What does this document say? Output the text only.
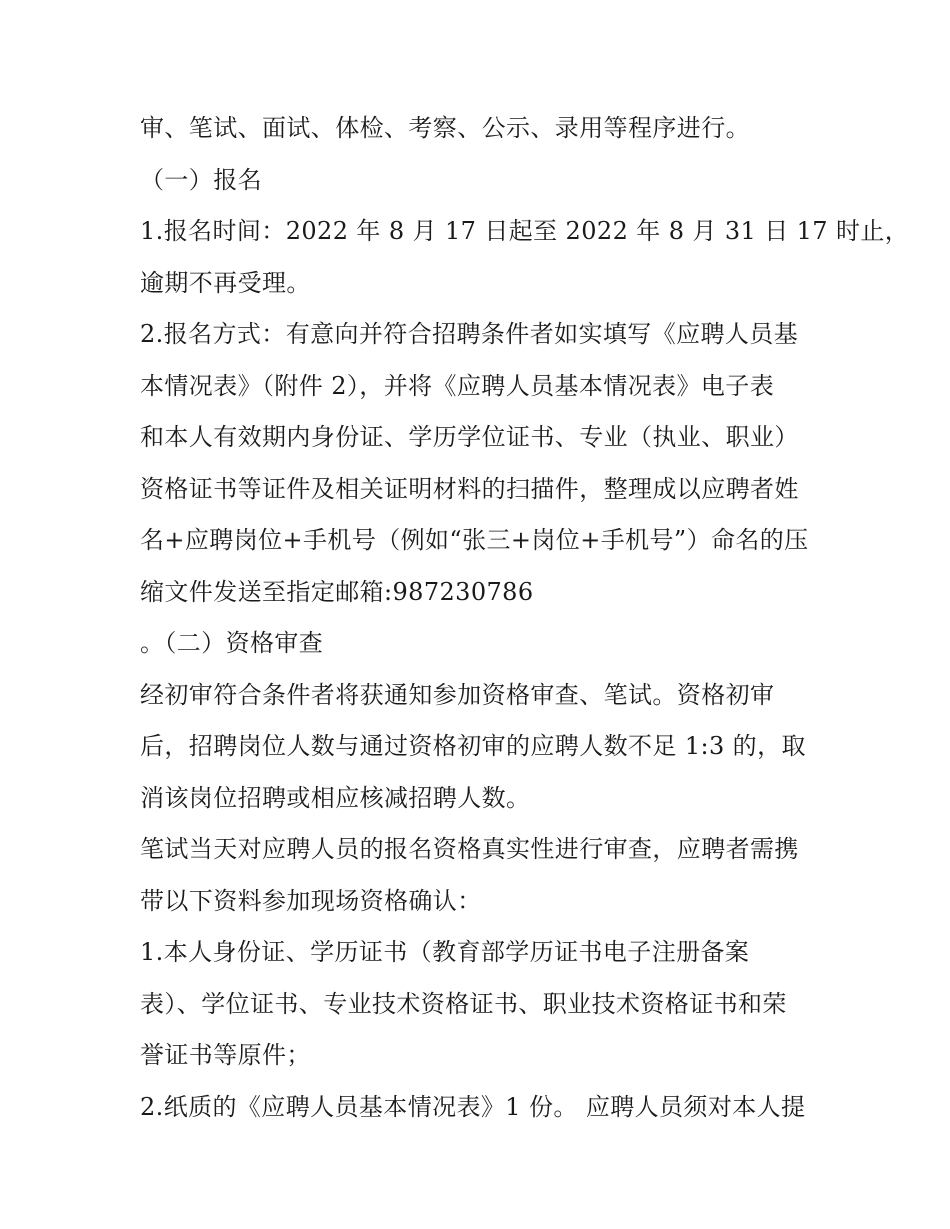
审、笔试、面试、体检、考察、公示、录用等程序进行。
（一）报名
1.报名时间：2022 年 8 月 17 日起至 2022 年 8 月 31 日 17 时止，
逾期不再受理。
2.报名方式：有意向并符合招聘条件者如实填写《应聘人员基
本情况表》（附件 2），并将《应聘人员基本情况表》电子表
和本人有效期内身份证、学历学位证书、专业（执业、职业）
资格证书等证件及相关证明材料的扫描件，整理成以应聘者姓
名+应聘岗位+手机号（例如“张三+岗位+手机号”）命名的压
缩文件发送至指定邮箱:987230786
。（二）资格审查
经初审符合条件者将获通知参加资格审查、笔试。资格初审
后，招聘岗位人数与通过资格初审的应聘人数不足 1:3 的，取
消该岗位招聘或相应核减招聘人数。
笔试当天对应聘人员的报名资格真实性进行审查，应聘者需携
带以下资料参加现场资格确认：
1.本人身份证、学历证书（教育部学历证书电子注册备案
表）、学位证书、专业技术资格证书、职业技术资格证书和荣
誉证书等原件；
2.纸质的《应聘人员基本情况表》1 份。 应聘人员须对本人提
